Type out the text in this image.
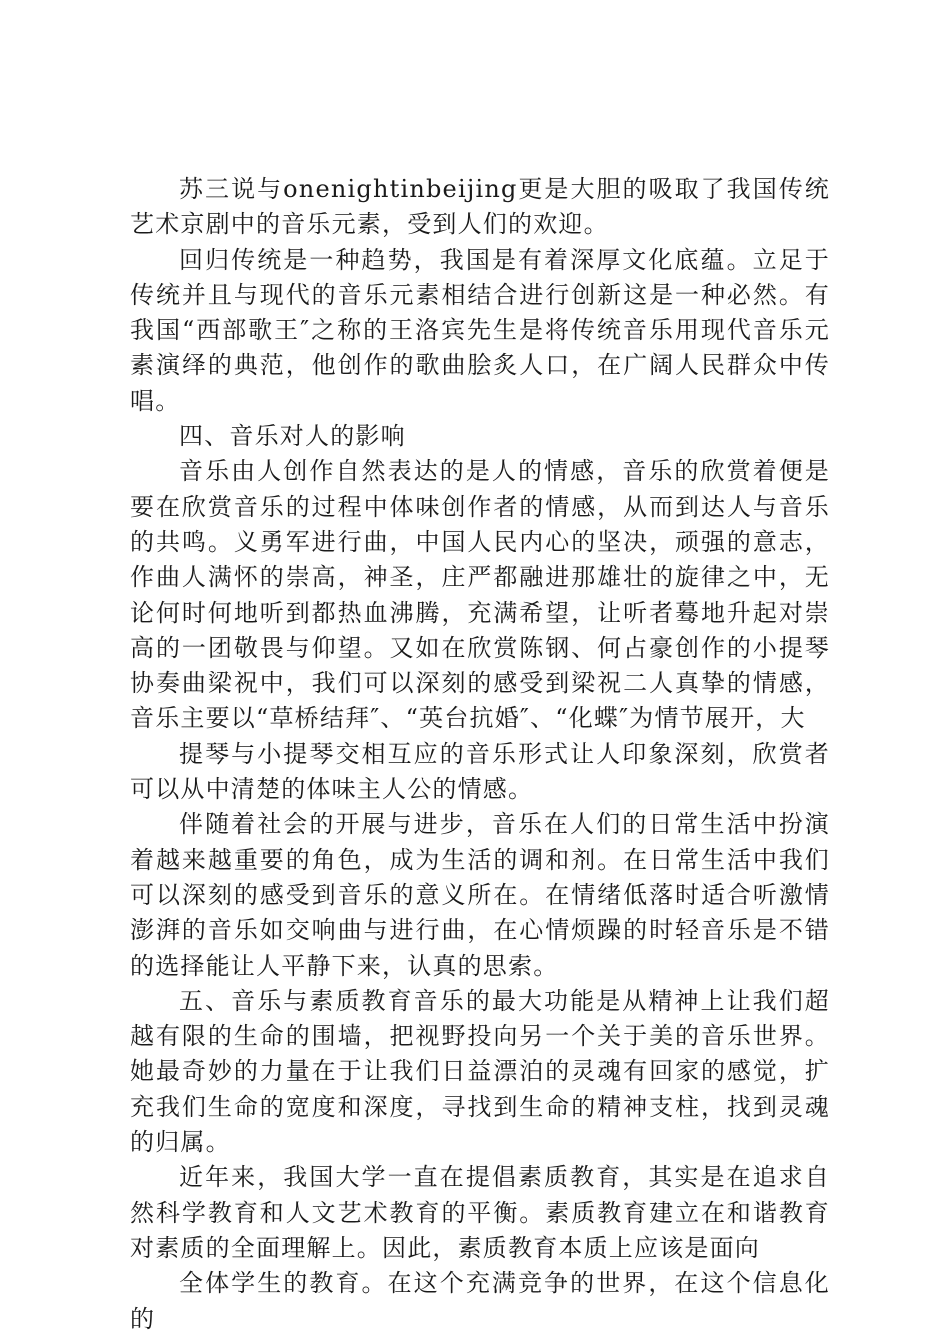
苏三说与onenightinbeijing更是大胆的吸取了我国传统艺术京剧中的音乐元素，受到人们的欢迎。

回归传统是一种趋势，我国是有着深厚文化底蕴。立足于传统并且与现代的音乐元素相结合进行创新这是一种必然。有我国“西部歌王″之称的王洛宾先生是将传统音乐用现代音乐元素演绎的典范，他创作的歌曲脍炙人口，在广阔人民群众中传唱。

四、音乐对人的影响

音乐由人创作自然表达的是人的情感，音乐的欣赏着便是要在欣赏音乐的过程中体味创作者的情感，从而到达人与音乐的共鸣。义勇军进行曲，中国人民内心的坚决，顽强的意志，作曲人满怀的崇高，神圣，庄严都融进那雄壮的旋律之中，无论何时何地听到都热血沸腾，充满希望，让听者蓦地升起对崇高的一团敬畏与仰望。又如在欣赏陈钢、何占豪创作的小提琴协奏曲梁祝中，我们可以深刻的感受到梁祝二人真挚的情感，音乐主要以“草桥结拜″、“英台抗婚″、“化蝶″为情节展开，大

提琴与小提琴交相互应的音乐形式让人印象深刻，欣赏者可以从中清楚的体味主人公的情感。

伴随着社会的开展与进步，音乐在人们的日常生活中扮演着越来越重要的角色，成为生活的调和剂。在日常生活中我们可以深刻的感受到音乐的意义所在。在情绪低落时适合听激情澎湃的音乐如交响曲与进行曲，在心情烦躁的时轻音乐是不错的选择能让人平静下来，认真的思索。

五、音乐与素质教育音乐的最大功能是从精神上让我们超越有限的生命的围墙，把视野投向另一个关于美的音乐世界。她最奇妙的力量在于让我们日益漂泊的灵魂有回家的感觉，扩充我们生命的宽度和深度，寻找到生命的精神支柱，找到灵魂的归属。

近年来，我国大学一直在提倡素质教育，其实是在追求自然科学教育和人文艺术教育的平衡。素质教育建立在和谐教育对素质的全面理解上。因此，素质教育本质上应该是面向

全体学生的教育。在这个充满竞争的世界，在这个信息化的
